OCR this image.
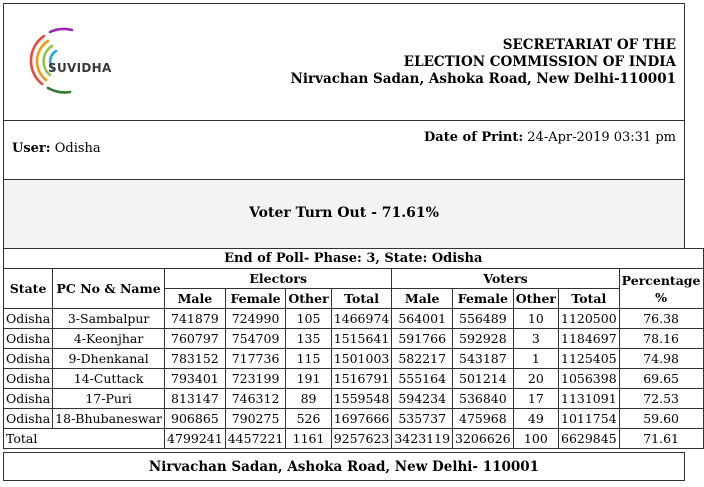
SUVIDHA
SECRETARIAT OF THE
ELECTION COMMISSION OF INDIA
Nirvachan Sadan, Ashoka Road, New Delhi-110001
User: Odisha
Date of Print: 24-Apr-2019 03:31 pm
Voter Turn Out - 71.61%
End of Poll- Phase: 3, State: Odisha										
State	PC No & Name	Electors				Voters				Percentage %
		Male	Female	Other	Total	Male	Female	Other	Total	
Odisha	3-Sambalpur	741879	724990	105	1466974	564001	556489	10	1120500	76.38
Odisha	4-Keonjhar	760797	754709	135	1515641	591766	592928	3	1184697	78.16
Odisha	9-Dhenkanal	783152	717736	115	1501003	582217	543187	1	1125405	74.98
Odisha	14-Cuttack	793401	723199	191	1516791	555164	501214	20	1056398	69.65
Odisha	17-Puri	813147	746312	89	1559548	594234	536840	17	1131091	72.53
Odisha	18-Bhubaneswar	906865	790275	526	1697666	535737	475968	49	1011754	59.60
Total		4799241	4457221	1161	9257623	3423119	3206626	100	6629845	71.61
Nirvachan Sadan, Ashoka Road, New Delhi- 110001
